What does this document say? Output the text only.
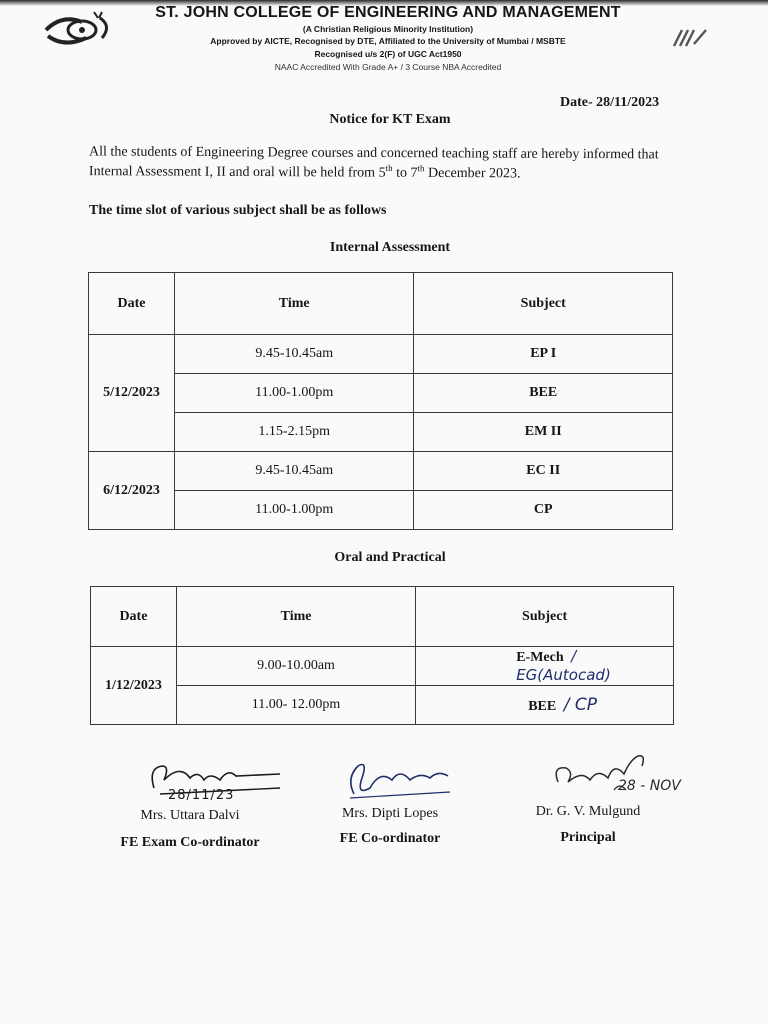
ST. JOHN COLLEGE OF ENGINEERING AND MANAGEMENT
(A Christian Religious Minority Institution)
Approved by AICTE, Recognised by DTE, Affiliated to the University of Mumbai / MSBTE
Recognised u/s 2(F) of UGC Act1950
NAAC Accredited With Grade A+ / 3 Course NBA Accredited
Date- 28/11/2023
Notice for KT Exam
All the students of Engineering Degree courses and concerned teaching staff are hereby informed that Internal Assessment I, II and oral will be held from 5th to 7th December 2023.
The time slot of various subject shall be as follows
Internal Assessment
Date	Time	Subject
5/12/2023	9.45-10.45am	EP I
	11.00-1.00pm	BEE
	1.15-2.15pm	EM II
6/12/2023	9.45-10.45am	EC II
	11.00-1.00pm	CP
Oral and Practical
Date	Time	Subject
1/12/2023	9.00-10.00am	E-Mech / EG(Autocad)
	11.00- 12.00pm	BEE / CP
28/11/23
28 - NOV
Mrs. Uttara Dalvi	Mrs. Dipti Lopes	Dr. G. V. Mulgund
FE Exam Co-ordinator	FE Co-ordinator	Principal
